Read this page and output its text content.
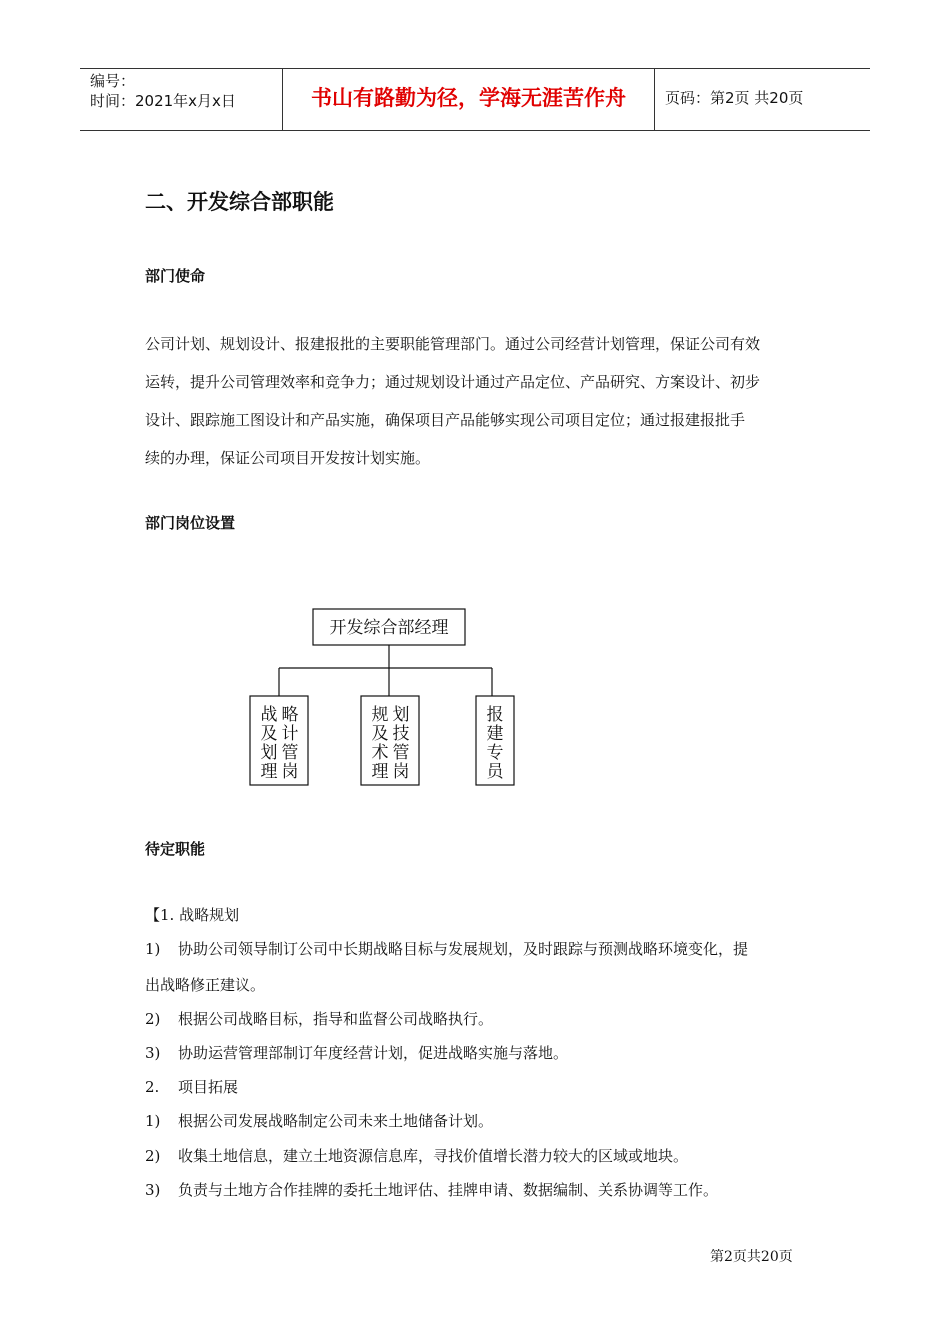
编号：
时间：2021年x月x日	书山有路勤为径，学海无涯苦作舟	页码：第2页 共20页
二、开发综合部职能
部门使命

公司计划、规划设计、报建报批的主要职能管理部门。通过公司经营计划管理，保证公司有效

运转，提升公司管理效率和竞争力；通过规划设计通过产品定位、产品研究、方案设计、初步

设计、跟踪施工图设计和产品实施，确保项目产品能够实现公司项目定位；通过报建报批手

续的办理，保证公司项目开发按计划实施。

部门岗位设置
开发综合部经理
战
及
划
理
略
计
管
岗
规
及
术
理
划
技
管
岗
报
建
专
员
待定职能
【1. 战略规划
1) 协助公司领导制订公司中长期战略目标与发展规划，及时跟踪与预测战略环境变化，提
出战略修正建议。
2) 根据公司战略目标，指导和监督公司战略执行。
3) 协助运营管理部制订年度经营计划，促进战略实施与落地。
2. 项目拓展
1) 根据公司发展战略制定公司未来土地储备计划。
2) 收集土地信息，建立土地资源信息库，寻找价值增长潜力较大的区域或地块。
3) 负责与土地方合作挂牌的委托土地评估、挂牌申请、数据编制、关系协调等工作。
第2页共20页
